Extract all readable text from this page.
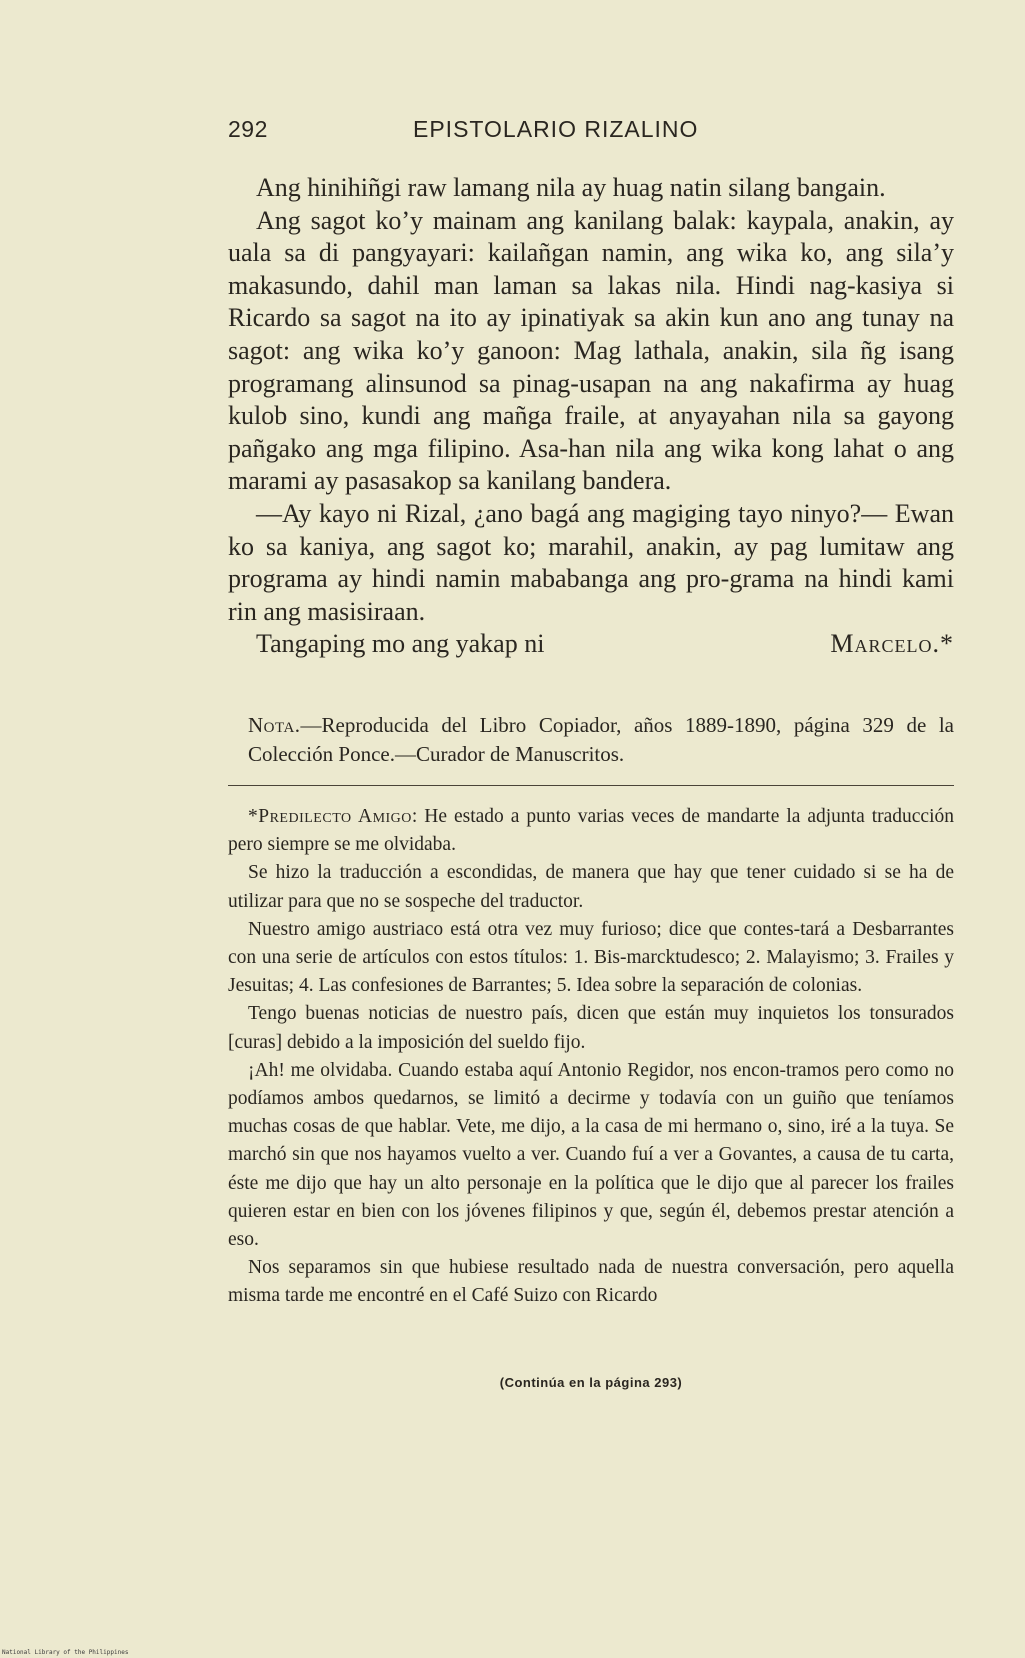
292	EPISTOLARIO RIZALINO

Ang hinihiñgi raw lamang nila ay huag natin silang bangain.

Ang sagot ko’y mainam ang kanilang balak: kaypala, anakin, ay uala sa di pangyayari: kailañgan namin, ang wika ko, ang sila’y makasundo, dahil man laman sa lakas nila. Hindi nag-kasiya si Ricardo sa sagot na ito ay ipinatiyak sa akin kun ano ang tunay na sagot: ang wika ko’y ganoon: Mag lathala, anakin, sila ñg isang programang alinsunod sa pinag-usapan na ang nakafirma ay huag kulob sino, kundi ang mañga fraile, at anyayahan nila sa gayong pañgako ang mga filipino. Asa-han nila ang wika kong lahat o ang marami ay pasasakop sa kanilang bandera.

—Ay kayo ni Rizal, ¿ano bagá ang magiging tayo ninyo?— Ewan ko sa kaniya, ang sagot ko; marahil, anakin, ay pag lumitaw ang programa ay hindi namin mababanga ang pro-grama na hindi kami rin ang masisiraan.

Tangaping mo ang yakap ni	Marcelo.*
Nota.—Reproducida del Libro Copiador, años 1889-1890, página 329 de la Colección Ponce.—Curador de Manuscritos.

*Predilecto Amigo: He estado a punto varias veces de mandarte la adjunta traducción pero siempre se me olvidaba.

Se hizo la traducción a escondidas, de manera que hay que tener cuidado si se ha de utilizar para que no se sospeche del traductor.

Nuestro amigo austriaco está otra vez muy furioso; dice que contes-tará a Desbarrantes con una serie de artículos con estos títulos: 1. Bis-marcktudesco; 2. Malayismo; 3. Frailes y Jesuitas; 4. Las confesiones de Barrantes; 5. Idea sobre la separación de colonias.

Tengo buenas noticias de nuestro país, dicen que están muy inquietos los tonsurados [curas] debido a la imposición del sueldo fijo.

¡Ah! me olvidaba. Cuando estaba aquí Antonio Regidor, nos encon-tramos pero como no podíamos ambos quedarnos, se limitó a decirme y todavía con un guiño que teníamos muchas cosas de que hablar. Vete, me dijo, a la casa de mi hermano o, sino, iré a la tuya. Se marchó sin que nos hayamos vuelto a ver. Cuando fuí a ver a Govantes, a causa de tu carta, éste me dijo que hay un alto personaje en la política que le dijo que al parecer los frailes quieren estar en bien con los jóvenes filipinos y que, según él, debemos prestar atención a eso.

Nos separamos sin que hubiese resultado nada de nuestra conversación, pero aquella misma tarde me encontré en el Café Suizo con Ricardo

(Continúa en la página 293)
National Library of the Philippines
